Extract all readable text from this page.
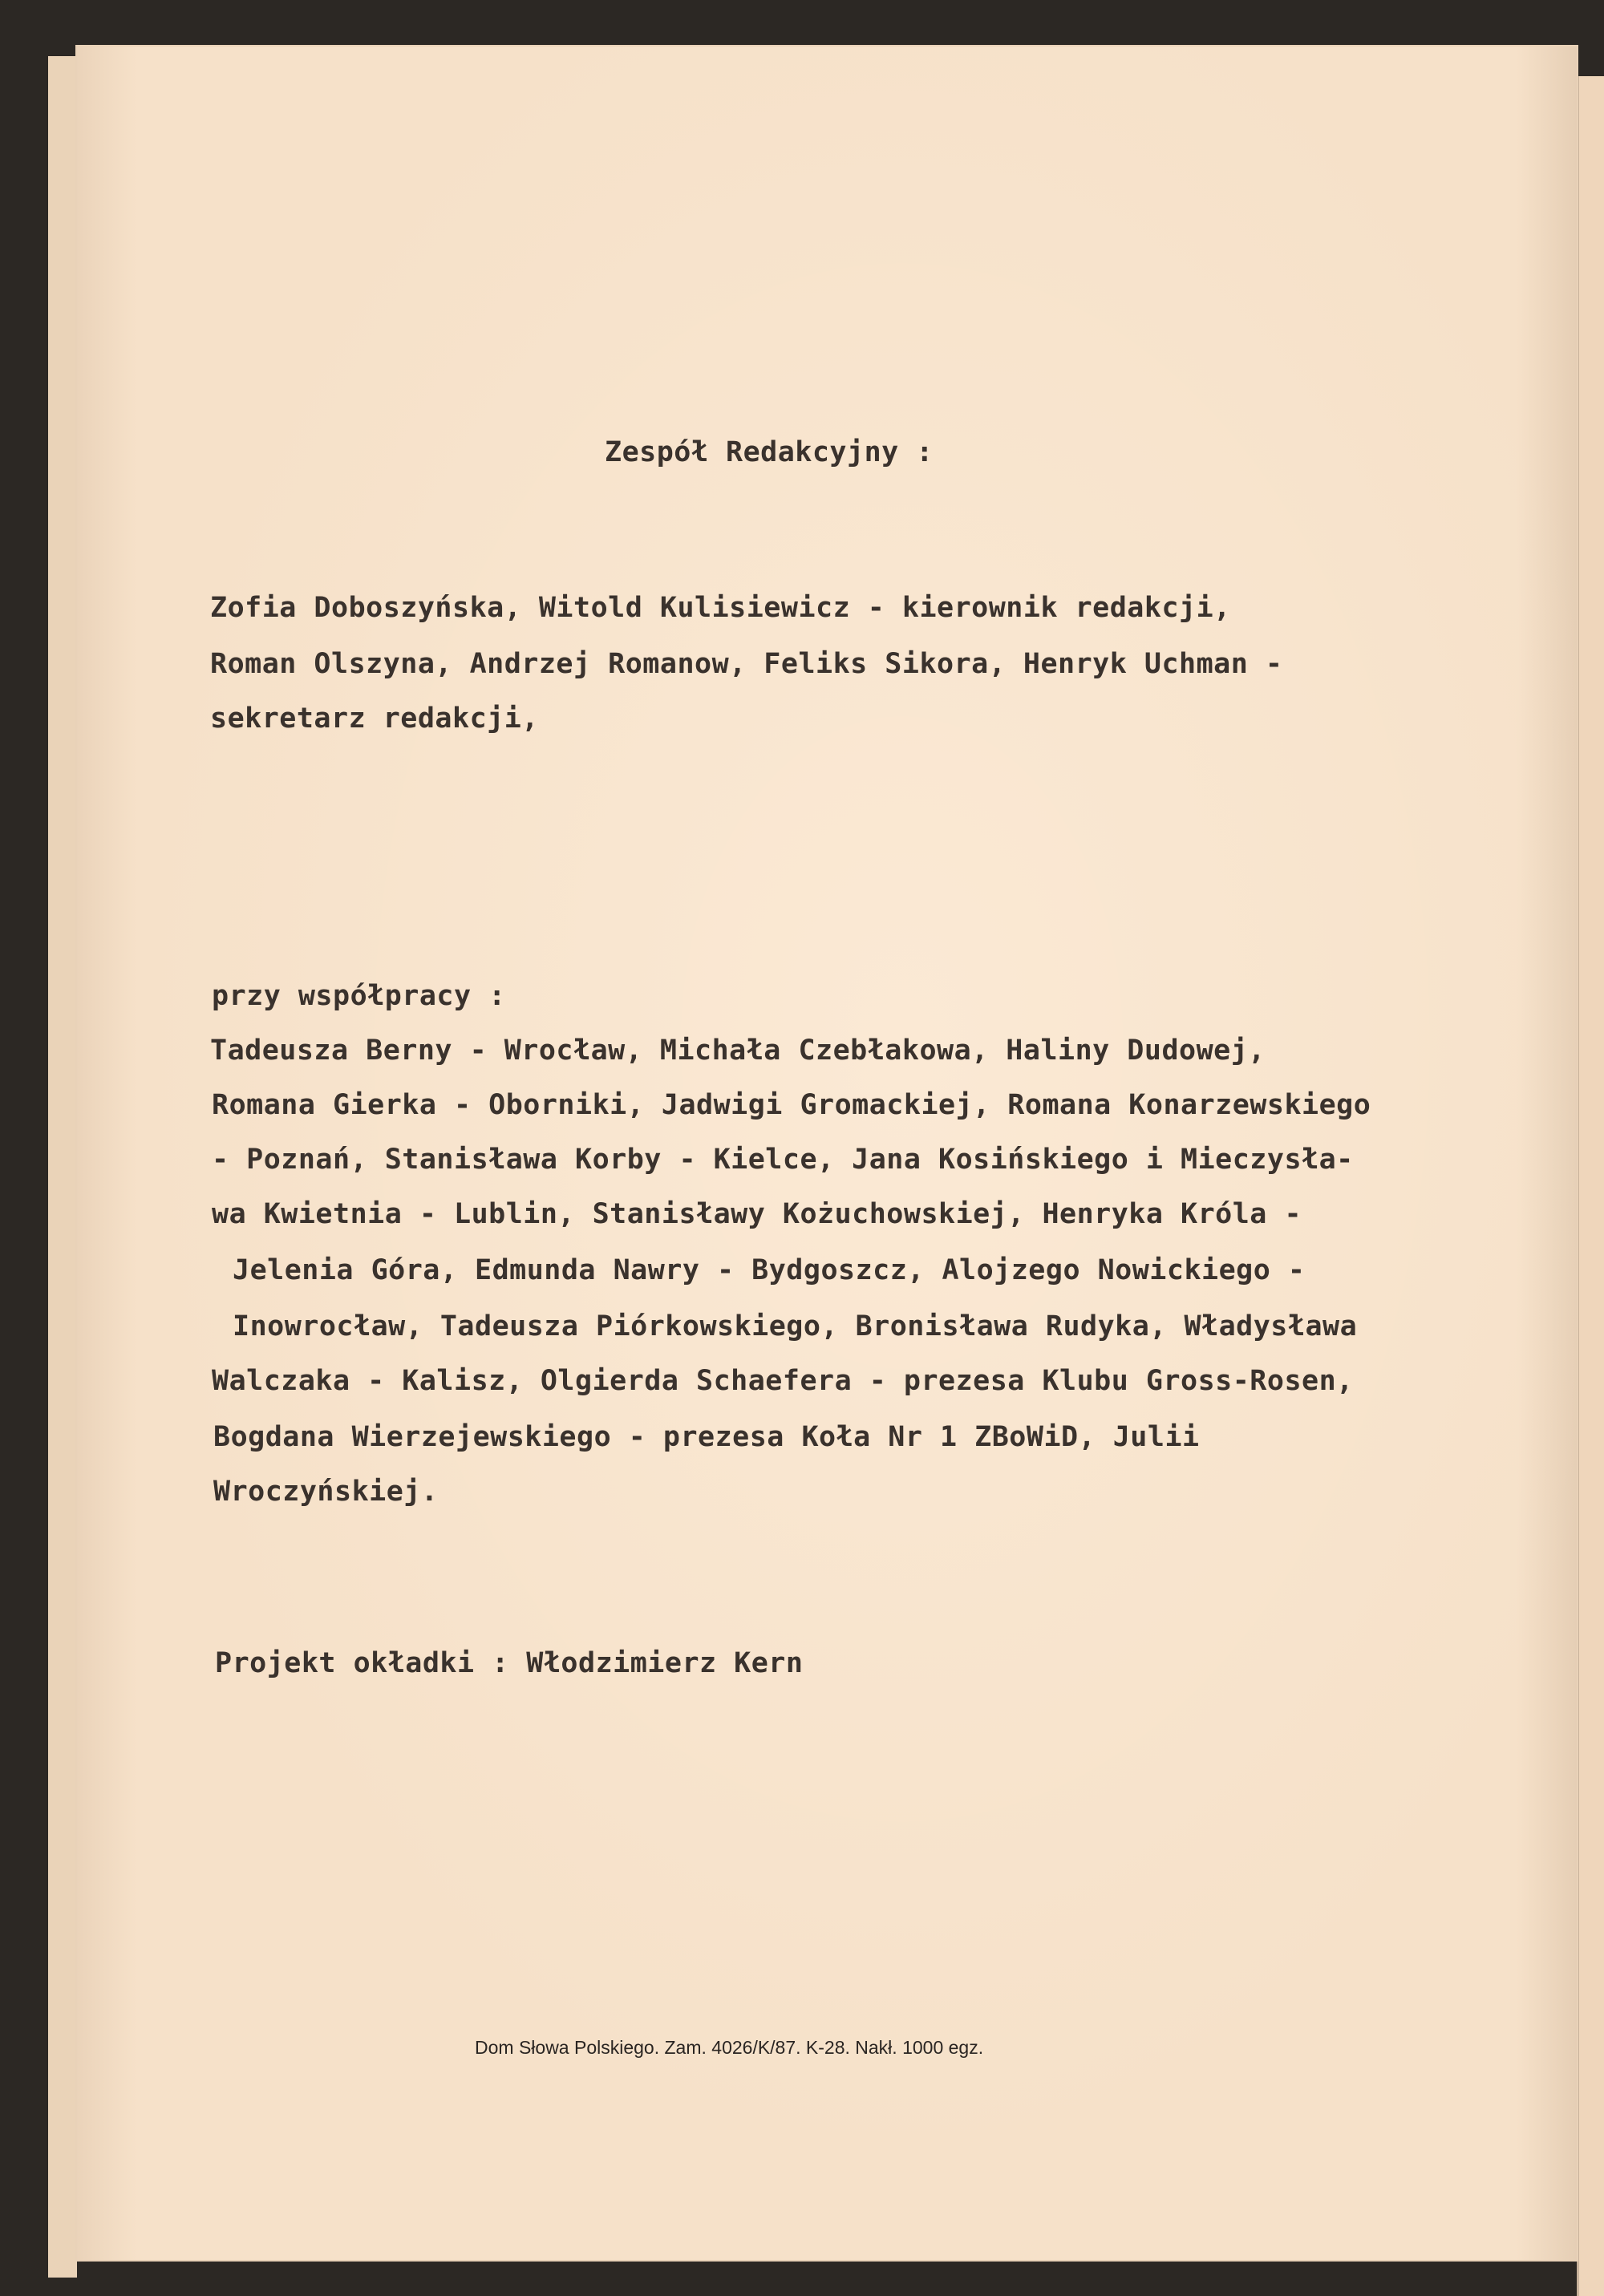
Zespół Redakcyjny :
Zofia Doboszyńska, Witold Kulisiewicz - kierownik redakcji,
Roman Olszyna, Andrzej Romanow, Feliks Sikora, Henryk Uchman -
sekretarz redakcji,
przy współpracy :
Tadeusza Berny - Wrocław, Michała Czebłakowa, Haliny Dudowej,
Romana Gierka - Oborniki, Jadwigi Gromackiej, Romana Konarzewskiego
- Poznań, Stanisława Korby - Kielce, Jana Kosińskiego i Mieczysła-
wa Kwietnia - Lublin, Stanisławy Kożuchowskiej, Henryka Króla -
Jelenia Góra, Edmunda Nawry - Bydgoszcz, Alojzego Nowickiego -
Inowrocław, Tadeusza Piórkowskiego, Bronisława Rudyka, Władysława
Walczaka - Kalisz, Olgierda Schaefera - prezesa Klubu Gross-Rosen,
Bogdana Wierzejewskiego - prezesa Koła Nr 1 ZBoWiD, Julii
Wroczyńskiej.
Projekt okładki : Włodzimierz Kern
Dom Słowa Polskiego. Zam. 4026/K/87. K-28. Nakł. 1000 egz.
